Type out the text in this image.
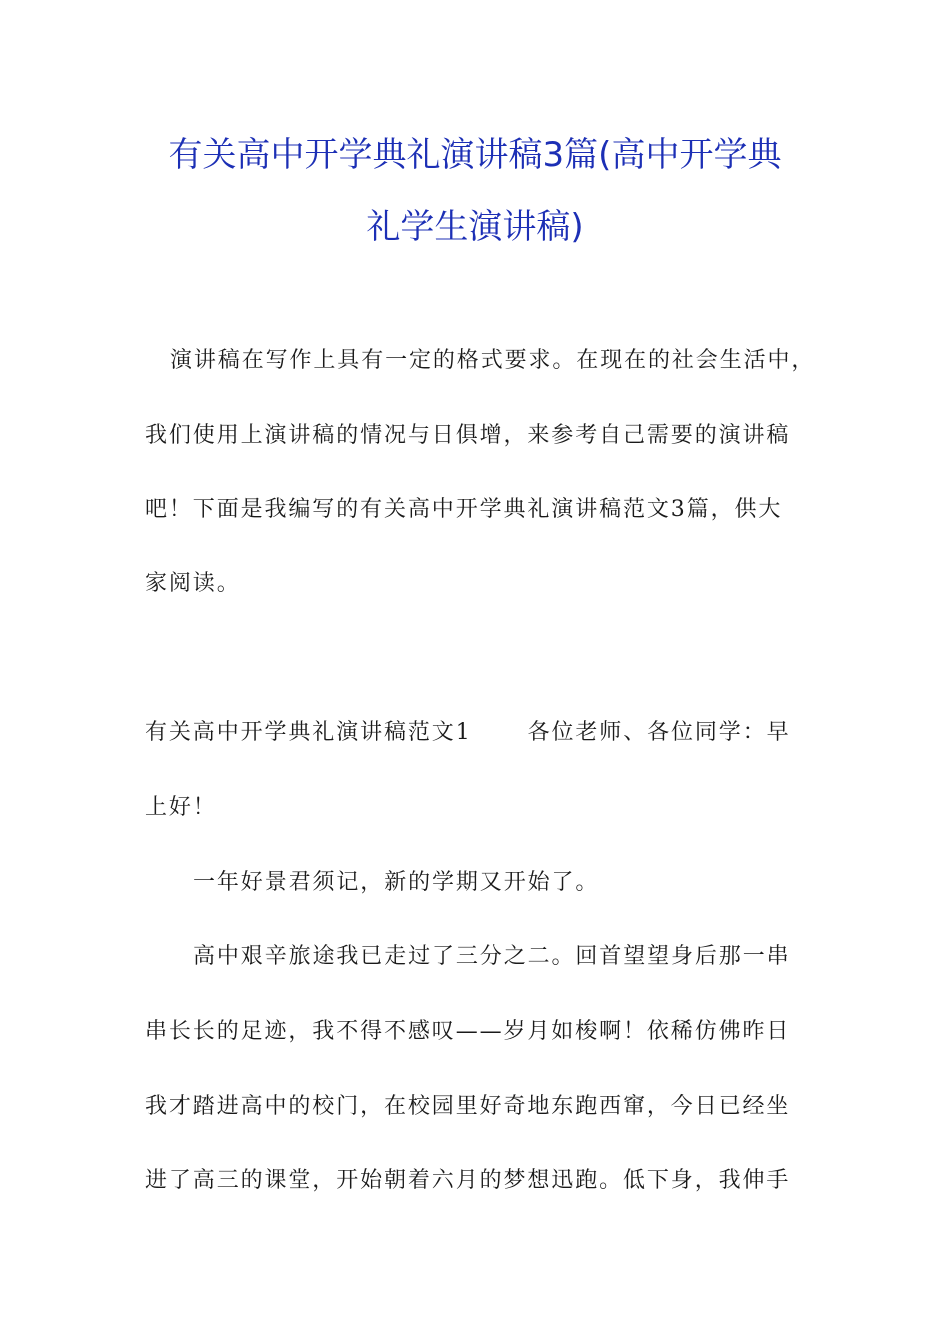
有关高中开学典礼演讲稿3篇(高中开学典
礼学生演讲稿)

演讲稿在写作上具有一定的格式要求。在现在的社会生活中，

我们使用上演讲稿的情况与日俱增，来参考自己需要的演讲稿

吧！下面是我编写的有关高中开学典礼演讲稿范文3篇，供大

家阅读。

有关高中开学典礼演讲稿范文1	各位老师、各位同学：早

上好！

一年好景君须记，新的学期又开始了。

高中艰辛旅途我已走过了三分之二。回首望望身后那一串

串长长的足迹，我不得不感叹——岁月如梭啊！依稀仿佛昨日

我才踏进高中的校门，在校园里好奇地东跑西窜，今日已经坐

进了高三的课堂，开始朝着六月的梦想迅跑。低下身，我伸手
